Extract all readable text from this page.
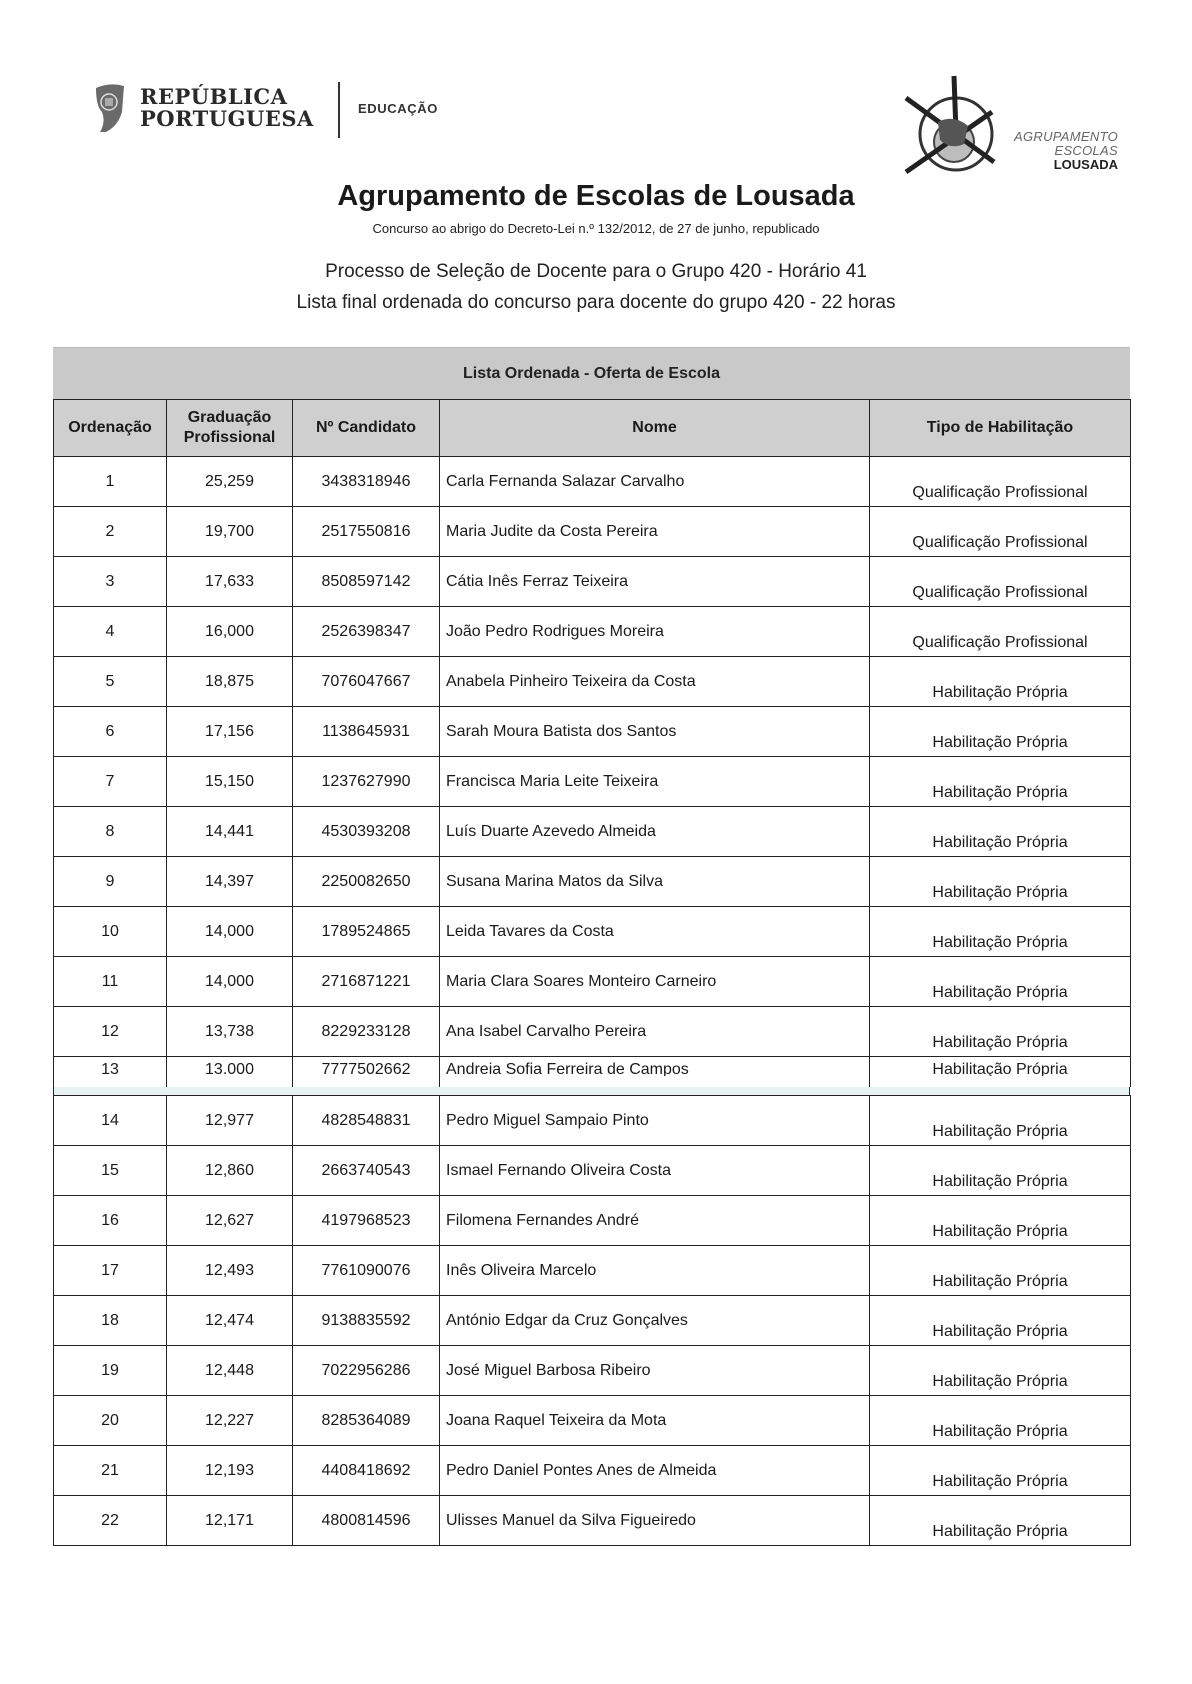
REPÚBLICA
PORTUGUESA	EDUCAÇÃO
AGRUPAMENTO
ESCOLAS
LOUSADA
Agrupamento de Escolas de Lousada
Concurso ao abrigo do Decreto-Lei n.º 132/2012, de 27 de junho, republicado
Processo de Seleção de Docente para o Grupo 420 - Horário 41
Lista final ordenada do concurso para docente do grupo 420 - 22 horas
Lista Ordenada - Oferta de Escola
Ordenação	Graduação Profissional	Nº Candidato	Nome	Tipo de Habilitação
1	25,259	3438318946	Carla Fernanda Salazar Carvalho	Qualificação Profissional
2	19,700	2517550816	Maria Judite da Costa Pereira	Qualificação Profissional
3	17,633	8508597142	Cátia Inês Ferraz Teixeira	Qualificação Profissional
4	16,000	2526398347	João Pedro Rodrigues Moreira	Qualificação Profissional
5	18,875	7076047667	Anabela Pinheiro Teixeira da Costa	Habilitação Própria
6	17,156	1138645931	Sarah Moura Batista dos Santos	Habilitação Própria
7	15,150	1237627990	Francisca Maria Leite Teixeira	Habilitação Própria
8	14,441	4530393208	Luís Duarte Azevedo Almeida	Habilitação Própria
9	14,397	2250082650	Susana Marina Matos da Silva	Habilitação Própria
10	14,000	1789524865	Leida Tavares da Costa	Habilitação Própria
11	14,000	2716871221	Maria Clara Soares Monteiro Carneiro	Habilitação Própria
12	13,738	8229233128	Ana Isabel Carvalho Pereira	Habilitação Própria
13	13.000	7777502662	Andreia Sofia Ferreira de Campos	Habilitação Própria
14	12,977	4828548831	Pedro Miguel Sampaio Pinto	Habilitação Própria
15	12,860	2663740543	Ismael Fernando Oliveira Costa	Habilitação Própria
16	12,627	4197968523	Filomena Fernandes André	Habilitação Própria
17	12,493	7761090076	Inês Oliveira Marcelo	Habilitação Própria
18	12,474	9138835592	António Edgar da Cruz Gonçalves	Habilitação Própria
19	12,448	7022956286	José Miguel Barbosa Ribeiro	Habilitação Própria
20	12,227	8285364089	Joana Raquel Teixeira da Mota	Habilitação Própria
21	12,193	4408418692	Pedro Daniel Pontes Anes de Almeida	Habilitação Própria
22	12,171	4800814596	Ulisses Manuel da Silva Figueiredo	Habilitação Própria
